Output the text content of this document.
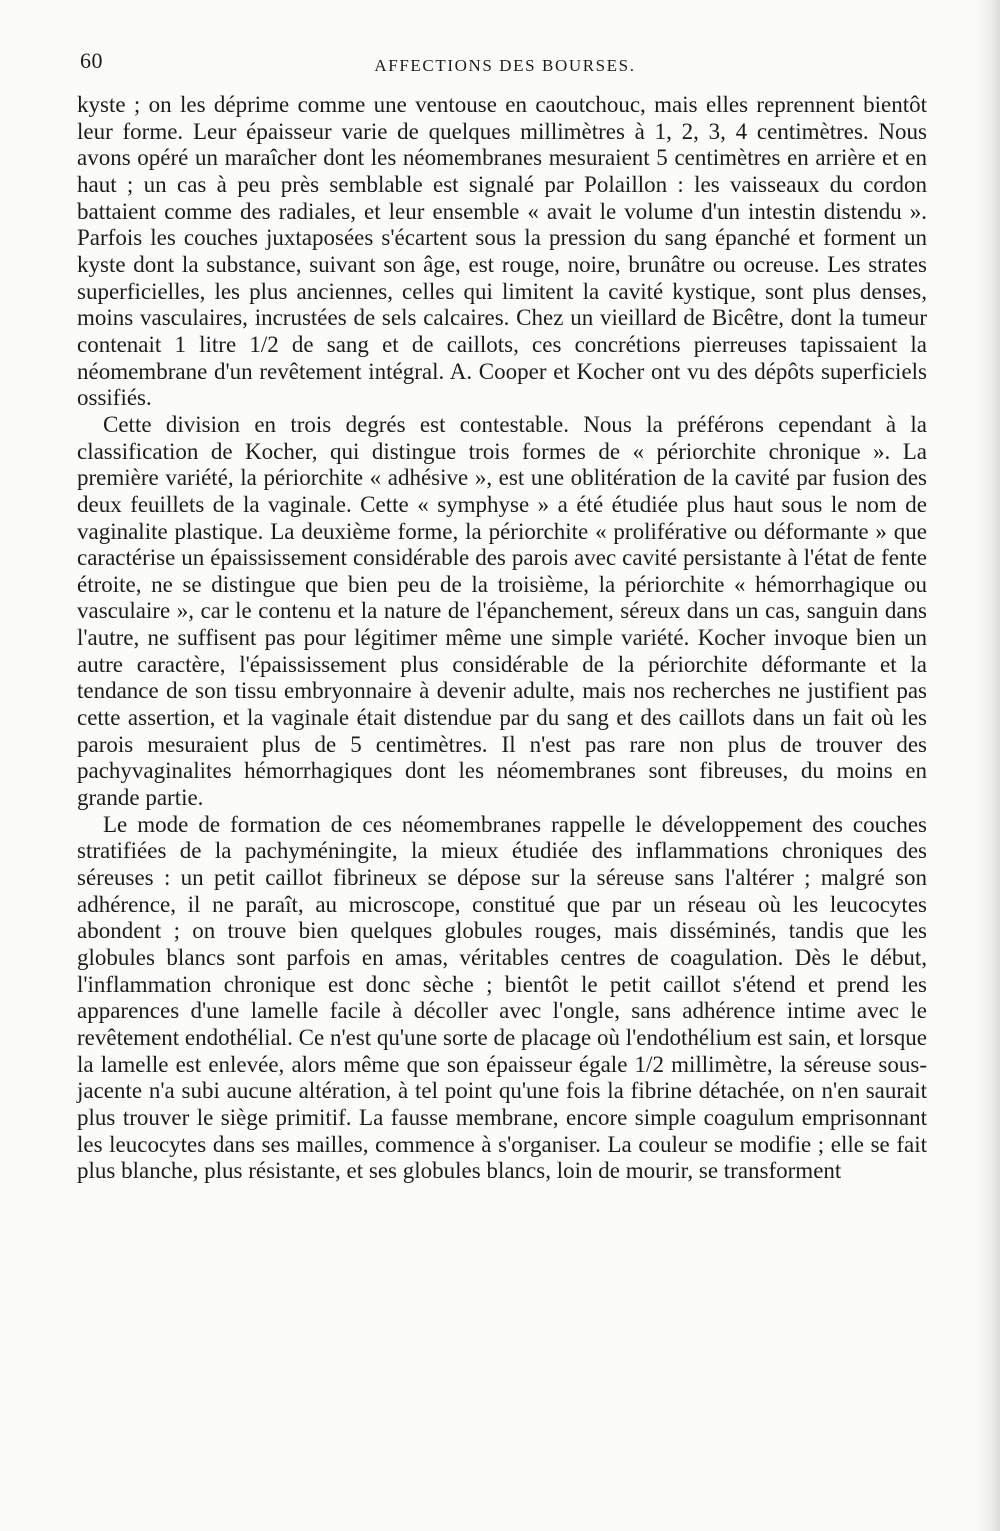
60	AFFECTIONS DES BOURSES.

kyste ; on les déprime comme une ventouse en caoutchouc, mais elles reprennent bientôt leur forme. Leur épaisseur varie de quelques millimètres à 1, 2, 3, 4 centimètres. Nous avons opéré un maraîcher dont les néomembranes mesuraient 5 centimètres en arrière et en haut ; un cas à peu près semblable est signalé par Polaillon : les vaisseaux du cordon battaient comme des radiales, et leur ensemble « avait le volume d'un intestin distendu ». Parfois les couches juxtaposées s'écartent sous la pression du sang épanché et forment un kyste dont la substance, suivant son âge, est rouge, noire, brunâtre ou ocreuse. Les strates superficielles, les plus anciennes, celles qui limitent la cavité kystique, sont plus denses, moins vasculaires, incrustées de sels calcaires. Chez un vieillard de Bicêtre, dont la tumeur contenait 1 litre 1/2 de sang et de caillots, ces concrétions pierreuses tapissaient la néomembrane d'un revêtement intégral. A. Cooper et Kocher ont vu des dépôts superficiels ossifiés.

Cette division en trois degrés est contestable. Nous la préférons cependant à la classification de Kocher, qui distingue trois formes de « périorchite chronique ». La première variété, la périorchite « adhésive », est une oblitération de la cavité par fusion des deux feuillets de la vaginale. Cette « symphyse » a été étudiée plus haut sous le nom de vaginalite plastique. La deuxième forme, la périorchite « proliférative ou déformante » que caractérise un épaississement considérable des parois avec cavité persistante à l'état de fente étroite, ne se distingue que bien peu de la troisième, la périorchite « hémorrhagique ou vasculaire », car le contenu et la nature de l'épanchement, séreux dans un cas, sanguin dans l'autre, ne suffisent pas pour légitimer même une simple variété. Kocher invoque bien un autre caractère, l'épaississement plus considérable de la périorchite déformante et la tendance de son tissu embryonnaire à devenir adulte, mais nos recherches ne justifient pas cette assertion, et la vaginale était distendue par du sang et des caillots dans un fait où les parois mesuraient plus de 5 centimètres. Il n'est pas rare non plus de trouver des pachyvaginalites hémorrhagiques dont les néomembranes sont fibreuses, du moins en grande partie.

Le mode de formation de ces néomembranes rappelle le développement des couches stratifiées de la pachyméningite, la mieux étudiée des inflammations chroniques des séreuses : un petit caillot fibrineux se dépose sur la séreuse sans l'altérer ; malgré son adhérence, il ne paraît, au microscope, constitué que par un réseau où les leucocytes abondent ; on trouve bien quelques globules rouges, mais disséminés, tandis que les globules blancs sont parfois en amas, véritables centres de coagulation. Dès le début, l'inflammation chronique est donc sèche ; bientôt le petit caillot s'étend et prend les apparences d'une lamelle facile à décoller avec l'ongle, sans adhérence intime avec le revêtement endothélial. Ce n'est qu'une sorte de placage où l'endothélium est sain, et lorsque la lamelle est enlevée, alors même que son épaisseur égale 1/2 millimètre, la séreuse sous-jacente n'a subi aucune altération, à tel point qu'une fois la fibrine détachée, on n'en saurait plus trouver le siège primitif. La fausse membrane, encore simple coagulum emprisonnant les leucocytes dans ses mailles, commence à s'organiser. La couleur se modifie ; elle se fait plus blanche, plus résistante, et ses globules blancs, loin de mourir, se transforment
